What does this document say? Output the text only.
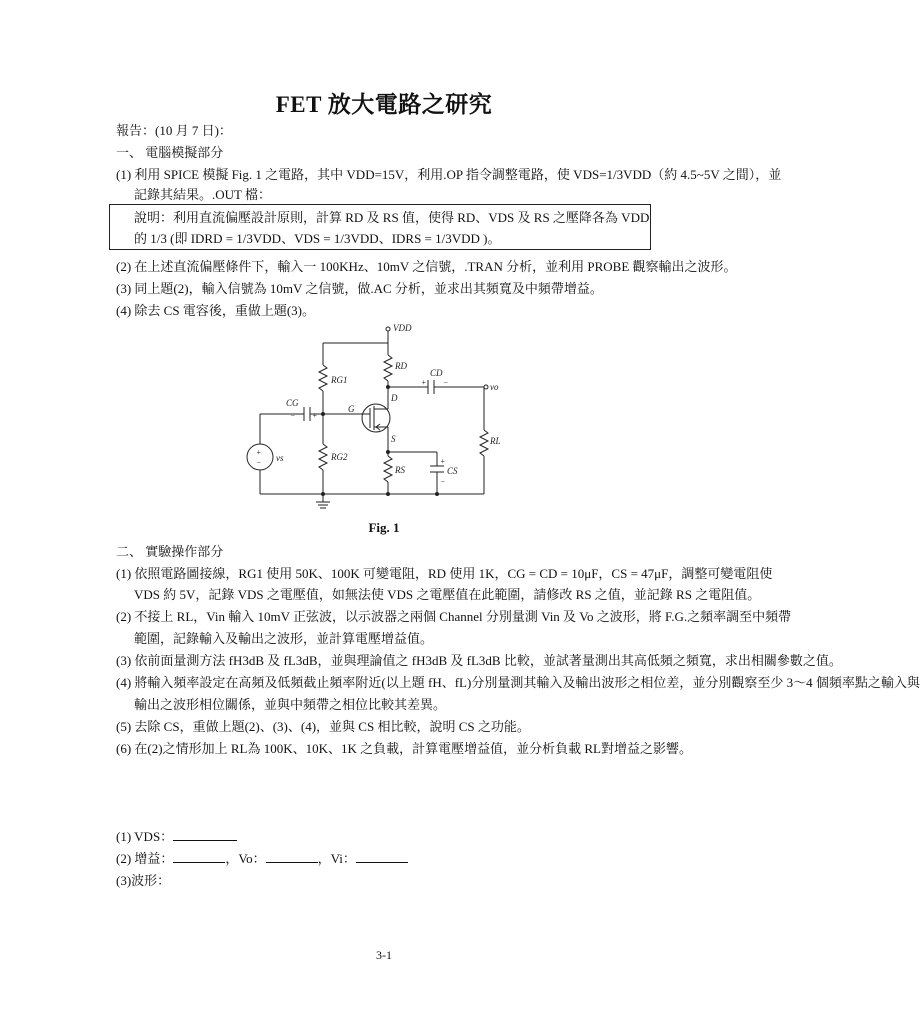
FET 放大電路之研究
報告：(10 月 7 日)：
一、 電腦模擬部分
(1) 利用 SPICE 模擬 Fig. 1 之電路，其中 VDD=15V，利用.OP 指令調整電路，使 VDS=1/3VDD（約 4.5~5V 之間），並
記錄其結果。.OUT 檔：
說明：利用直流偏壓設計原則，計算 RD 及 RS 值，使得 RD、VDS 及 RS 之壓降各為 VDD 的 1/3 (即 IDRD = 1/3VDD、VDS = 1/3VDD、IDRS = 1/3VDD )。
(2) 在上述直流偏壓條件下，輸入一 100KHz、10mV 之信號，.TRAN 分析，並利用 PROBE 觀察輸出之波形。
(3) 同上題(2)，輸入信號為 10mV 之信號，做.AC 分析，並求出其頻寬及中頻帶增益。
(4) 除去 CS 電容後，重做上題(3)。
VDD
RD
CD
vo
RG1
RG2
CG
G
D
S	RL
RS	CS
vs
+
−
+ −
− +
+
−
Fig. 1
二、 實驗操作部分
(1) 依照電路圖接線，RG1 使用 50K、100K 可變電阻，RD 使用 1K，CG = CD = 10μF，CS = 47μF，調整可變電阻使
VDS 約 5V，記錄 VDS 之電壓值，如無法使 VDS 之電壓值在此範圍，請修改 RS 之值，並記錄 RS 之電阻值。
(2) 不接上 RL，Vin 輸入 10mV 正弦波，以示波器之兩個 Channel 分別量測 Vin 及 Vo 之波形，將 F.G.之頻率調至中頻帶
範圍，記錄輸入及輸出之波形，並計算電壓增益值。
(3) 依前面量測方法 fH3dB 及 fL3dB，並與理論值之 fH3dB 及 fL3dB 比較，並試著量測出其高低頻之頻寬，求出相關參數之值。
(4) 將輸入頻率設定在高頻及低頻截止頻率附近(以上題 fH、fL)分別量測其輸入及輸出波形之相位差，並分別觀察至少 3～4 個頻率點之輸入與
輸出之波形相位關係，並與中頻帶之相位比較其差異。
(5) 去除 CS，重做上題(2)、(3)、(4)，並與 CS 相比較，說明 CS 之功能。
(6) 在(2)之情形加上 RL為 100K、10K、1K 之負載，計算電壓增益值，並分析負載 RL對增益之影響。
(1) VDS：
(2) 增益：	，Vo：	，Vi：
(3)波形：
3-1
